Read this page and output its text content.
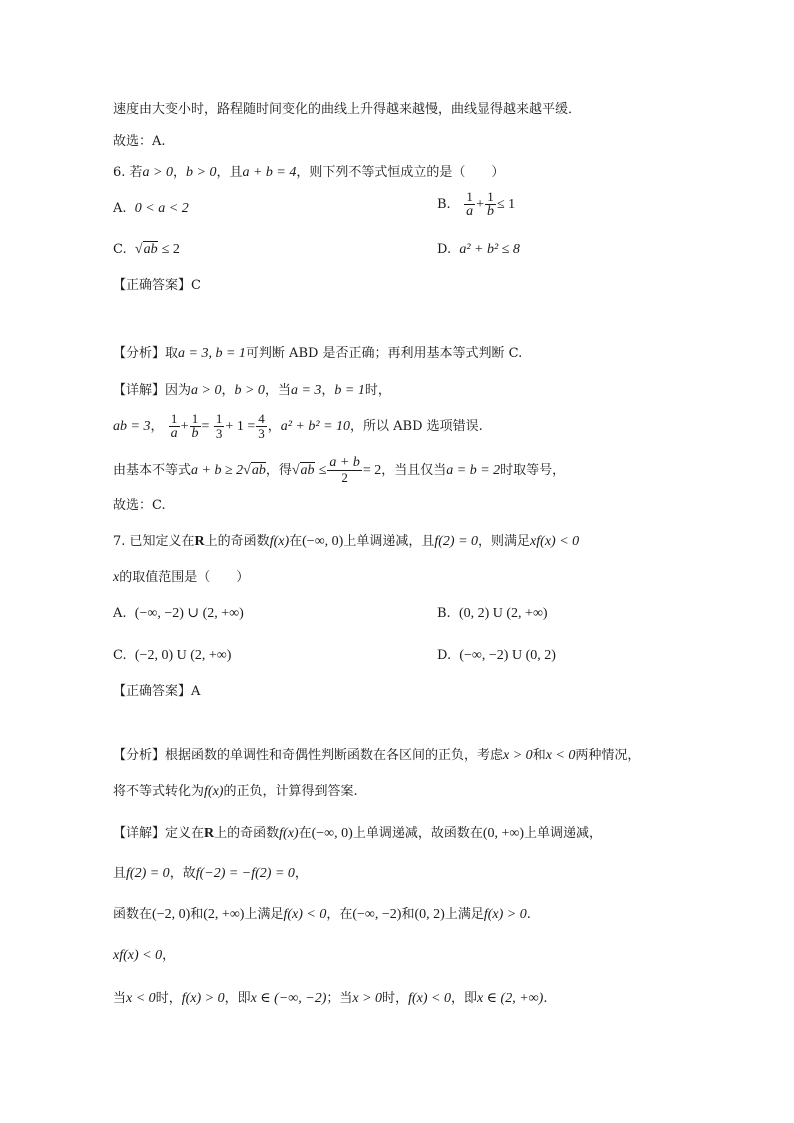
速度由大变小时，路程随时间变化的曲线上升得越来越慢，曲线显得越来越平缓．
故选：A.
6. 若a > 0，b > 0，且a + b = 4，则下列不等式恒成立的是（　　）
A. 0 < a < 2	B. $\frac{1}{a} + \frac{1}{b} \le 1$
C. √ab ≤ 2	D. a² + b² ≤ 8
【正确答案】C
【分析】取a = 3, b = 1可判断 ABD 是否正确；再利用基本等式判断 C.
【详解】因为a > 0，b > 0，当a = 3，b = 1时，
ab = 3， $\frac{1}{a} + \frac{1}{b} = \frac{1}{3} + 1 = \frac{4}{3}$ ，a² + b² = 10，所以 ABD 选项错误.
由基本不等式a + b ≥ 2√ab，得$√ab \le \frac{a + b}{2} = 2$，当且仅当a = b = 2时取等号，
故选：C.
7. 已知定义在R上的奇函数f(x)在(−∞, 0)上单调递减，且f(2) = 0，则满足xf(x) < 0
x的取值范围是（　　）
A. (−∞, −2) ∪ (2, +∞)	B. (0, 2) U (2, +∞)
C. (−2, 0) U (2, +∞)	D. (−∞, −2) U (0, 2)
【正确答案】A
【分析】根据函数的单调性和奇偶性判断函数在各区间的正负，考虑x > 0和x < 0两种情况，
将不等式转化为f(x)的正负，计算得到答案.
【详解】定义在R上的奇函数f(x)在(−∞, 0)上单调递减，故函数在(0, +∞)上单调递减，
且f(2) = 0，故f(−2) = −f(2) = 0，
函数在(−2, 0)和(2, +∞)上满足f(x) < 0，在(−∞, −2)和(0, 2)上满足f(x) > 0.
xf(x) < 0，
当x < 0时，f(x) > 0，即x ∈ (−∞, −2)；当x > 0时，f(x) < 0，即x ∈ (2, +∞).
